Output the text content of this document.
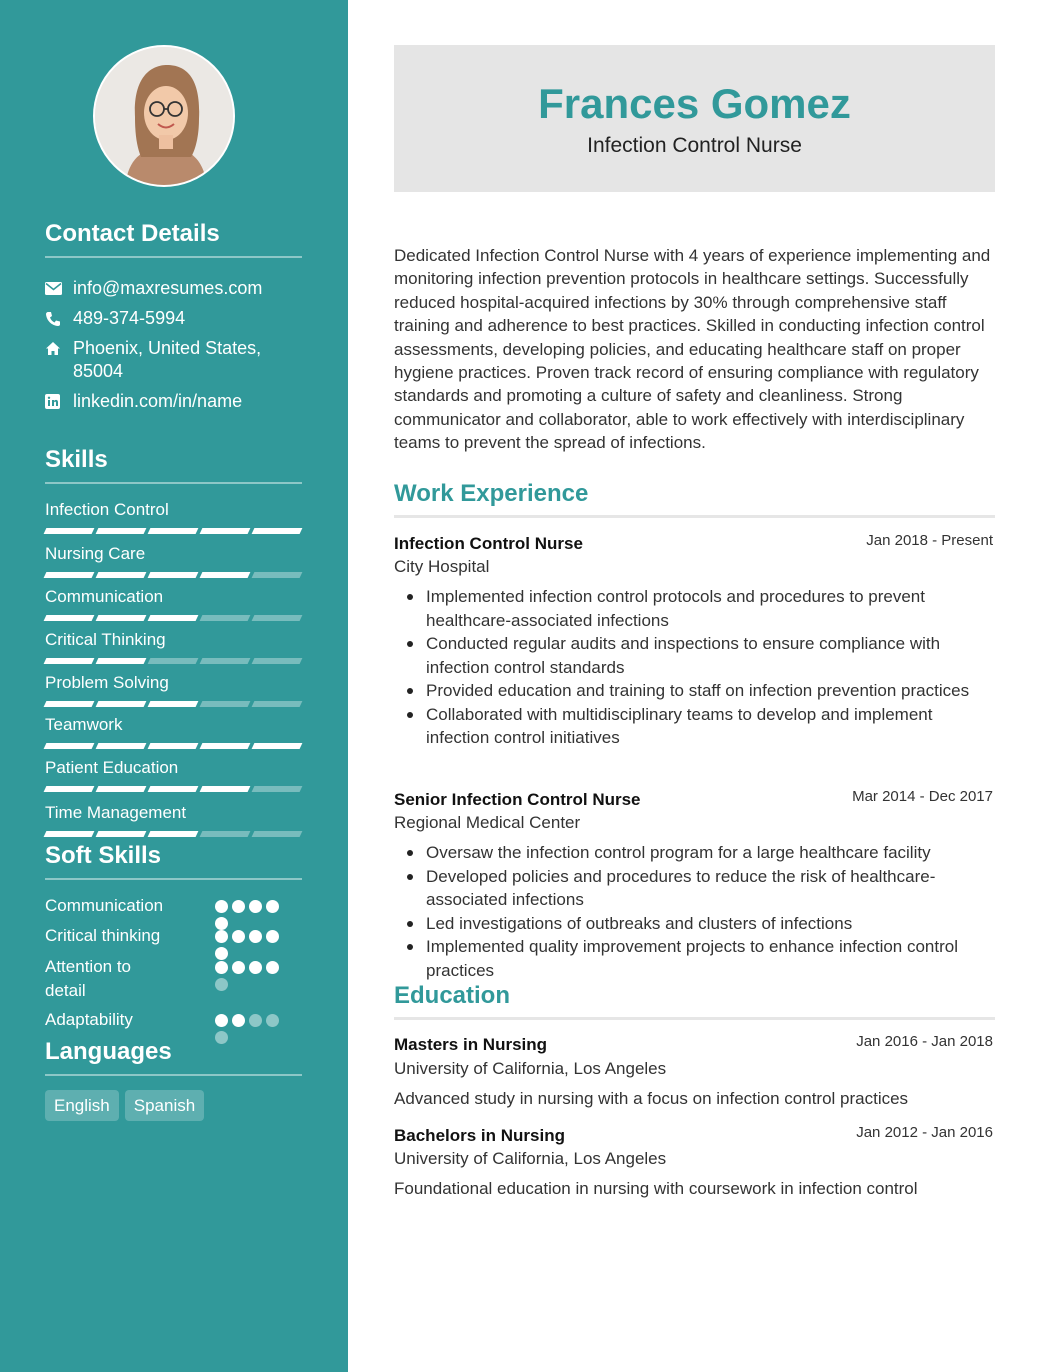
Contact Details
info@maxresumes.com
489-374-5994
Phoenix, United States, 85004
linkedin.com/in/name
Skills
Infection Control
Nursing Care
Communication
Critical Thinking
Problem Solving
Teamwork
Patient Education
Time Management
Soft Skills
Communication
Critical thinking
Attention to detail
Adaptability
Languages
English	Spanish
Frances Gomez
Infection Control Nurse
Dedicated Infection Control Nurse with 4 years of experience implementing and monitoring infection prevention protocols in healthcare settings. Successfully reduced hospital-acquired infections by 30% through comprehensive staff training and adherence to best practices. Skilled in conducting infection control assessments, developing policies, and educating healthcare staff on proper hygiene practices. Proven track record of ensuring compliance with regulatory standards and promoting a culture of safety and cleanliness. Strong communicator and collaborator, able to work effectively with interdisciplinary teams to prevent the spread of infections.
Work Experience
Infection Control Nurse	Jan 2018 - Present
City Hospital
Implemented infection control protocols and procedures to prevent healthcare-associated infections
Conducted regular audits and inspections to ensure compliance with infection control standards
Provided education and training to staff on infection prevention practices
Collaborated with multidisciplinary teams to develop and implement infection control initiatives
Senior Infection Control Nurse	Mar 2014 - Dec 2017
Regional Medical Center
Oversaw the infection control program for a large healthcare facility
Developed policies and procedures to reduce the risk of healthcare-associated infections
Led investigations of outbreaks and clusters of infections
Implemented quality improvement projects to enhance infection control practices
Education
Masters in Nursing	Jan 2016 - Jan 2018
University of California, Los Angeles
Advanced study in nursing with a focus on infection control practices
Bachelors in Nursing	Jan 2012 - Jan 2016
University of California, Los Angeles
Foundational education in nursing with coursework in infection control
